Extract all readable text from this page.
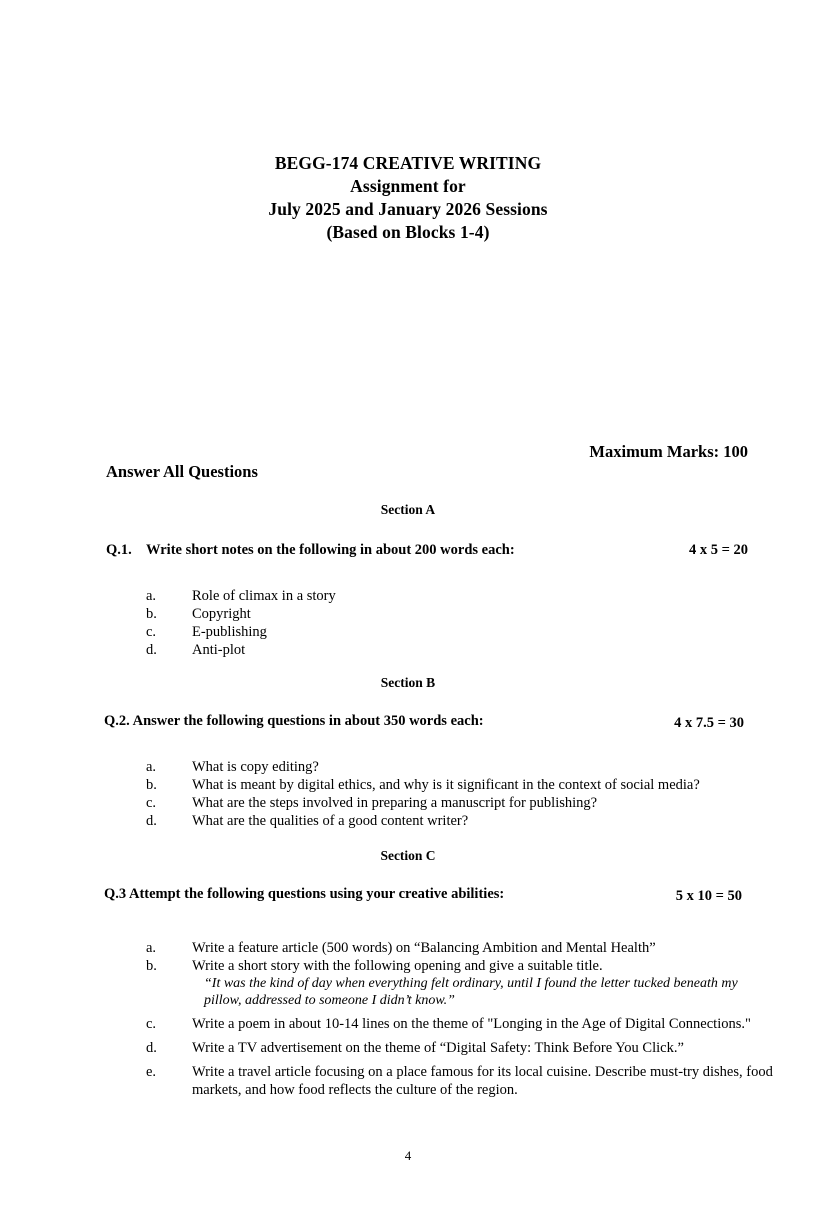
BEGG-174 CREATIVE WRITING
Assignment for
July 2025 and January 2026 Sessions
(Based on Blocks 1-4)
Maximum Marks: 100
Answer All Questions
Section A
Q.1. Write short notes on the following in about 200 words each:	4 x 5 = 20
a.	Role of climax in a story
b.	Copyright
c.	E-publishing
d.	Anti-plot
Section B
Q.2. Answer the following questions in about 350 words each:	4 x 7.5 = 30
a.	What is copy editing?
b.	What is meant by digital ethics, and why is it significant in the context of social media?
c.	What are the steps involved in preparing a manuscript for publishing?
d.	What are the qualities of a good content writer?
Section C
Q.3 Attempt the following questions using your creative abilities:	5 x 10 = 50
a.	Write a feature article (500 words) on “Balancing Ambition and Mental Health”
b.	Write a short story with the following opening and give a suitable title.
“It was the kind of day when everything felt ordinary, until I found the letter tucked beneath my pillow, addressed to someone I didn’t know.”
c.	Write a poem in about 10-14 lines on the theme of "Longing in the Age of Digital Connections."
d.	Write a TV advertisement on the theme of “Digital Safety: Think Before You Click.”
e.	Write a travel article focusing on a place famous for its local cuisine. Describe must-try dishes, food markets, and how food reflects the culture of the region.
4
